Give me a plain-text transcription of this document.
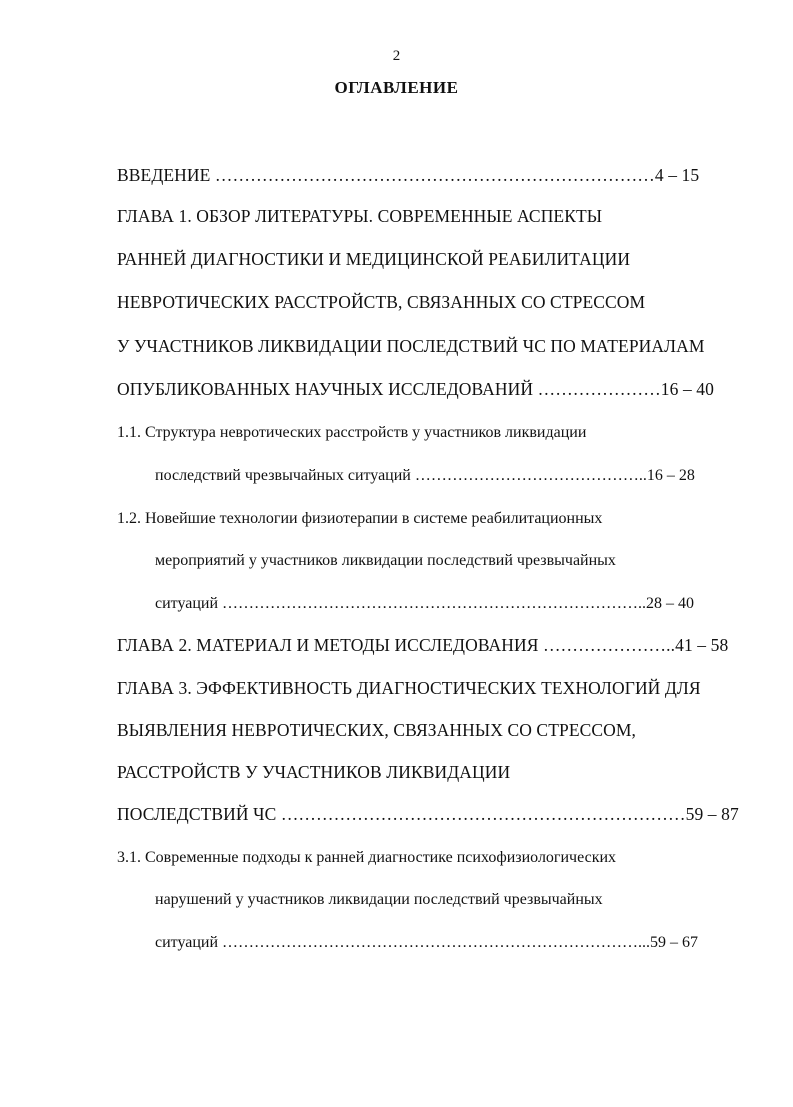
2
ОГЛАВЛЕНИЕ
ВВЕДЕНИЕ …………………………………………………………………4 – 15
ГЛАВА 1. ОБЗОР ЛИТЕРАТУРЫ. СОВРЕМЕННЫЕ АСПЕКТЫ
РАННЕЙ ДИАГНОСТИКИ И МЕДИЦИНСКОЙ РЕАБИЛИТАЦИИ
НЕВРОТИЧЕСКИХ РАССТРОЙСТВ, СВЯЗАННЫХ СО СТРЕССОМ
У УЧАСТНИКОВ ЛИКВИДАЦИИ ПОСЛЕДСТВИЙ ЧС ПО МАТЕРИАЛАМ
ОПУБЛИКОВАННЫХ НАУЧНЫХ ИССЛЕДОВАНИЙ …………………16 – 40
1.1. Структура невротических расстройств у участников ликвидации
последствий чрезвычайных ситуаций ……………………………………..16 – 28
1.2. Новейшие технологии физиотерапии в системе реабилитационных
мероприятий у участников ликвидации последствий чрезвычайных
ситуаций ……………………………………………………………………..28 – 40
ГЛАВА 2. МАТЕРИАЛ И МЕТОДЫ ИССЛЕДОВАНИЯ …………………..41 – 58
ГЛАВА 3. ЭФФЕКТИВНОСТЬ ДИАГНОСТИЧЕСКИХ ТЕХНОЛОГИЙ ДЛЯ
ВЫЯВЛЕНИЯ НЕВРОТИЧЕСКИХ, СВЯЗАННЫХ СО СТРЕССОМ,
РАССТРОЙСТВ У УЧАСТНИКОВ ЛИКВИДАЦИИ
ПОСЛЕДСТВИЙ ЧС ……………………………………………………………59 – 87
3.1. Современные подходы к ранней диагностике психофизиологических
нарушений у участников ликвидации последствий чрезвычайных
ситуаций ……………………………………………………………………...59 – 67
